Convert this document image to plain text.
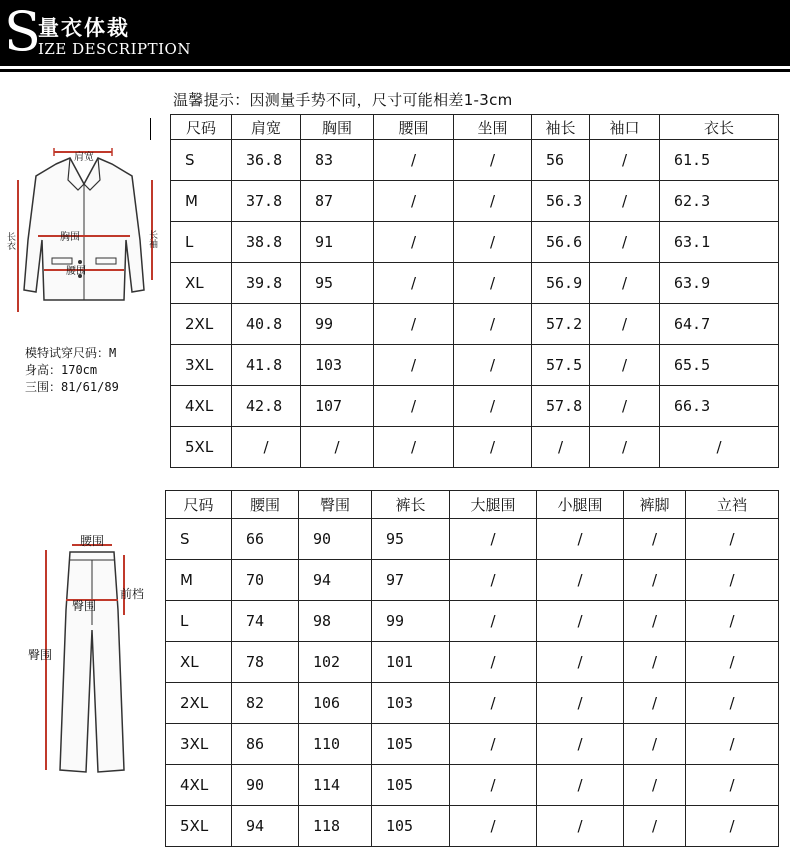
S
量衣体裁
IZE DESCRIPTION
温馨提示：因测量手势不同，尺寸可能相差1-3cm
肩宽
胸围
腰围
长衣	长袖
模特试穿尺码：M
身高：170cm
三围：81/61/89
尺码	肩宽	胸围	腰围	坐围	袖长	袖口	衣长
S	36.8	83	/	/	56	/	61.5
M	37.8	87	/	/	56.3	/	62.3
L	38.8	91	/	/	56.6	/	63.1
XL	39.8	95	/	/	56.9	/	63.9
2XL	40.8	99	/	/	57.2	/	64.7
3XL	41.8	103	/	/	57.5	/	65.5
4XL	42.8	107	/	/	57.8	/	66.3
5XL	/	/	/	/	/	/	/
腰围
前档
臀围
臀围
尺码	腰围	臀围	裤长	大腿围	小腿围	裤脚	立裆
S	66	90	95	/	/	/	/
M	70	94	97	/	/	/	/
L	74	98	99	/	/	/	/
XL	78	102	101	/	/	/	/
2XL	82	106	103	/	/	/	/
3XL	86	110	105	/	/	/	/
4XL	90	114	105	/	/	/	/
5XL	94	118	105	/	/	/	/
